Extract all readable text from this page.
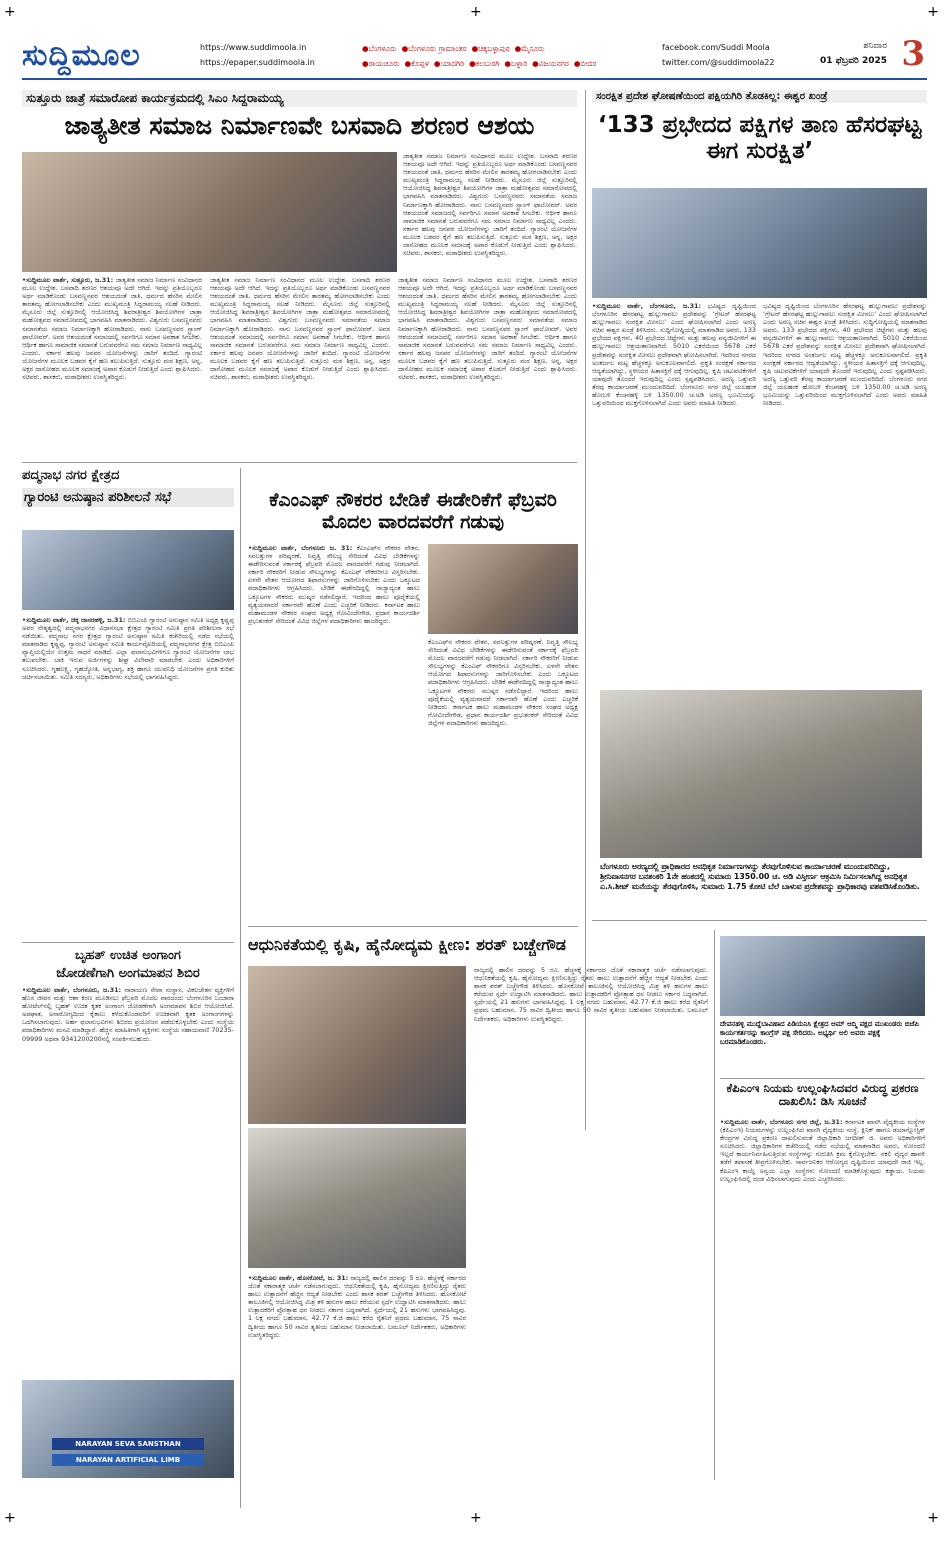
ಸುದ್ದಿಮೂಲ	https://www.suddimoola.in
https://epaper.suddimoola.in
●ಬೆಂಗಳೂರು ●ಬೆಂಗಳೂರು ಗ್ರಾಮಾಂತರ ●ಚಿಕ್ಕಬಳ್ಳಾಪುರ ●ಮೈಸೂರು
●ರಾಯಚೂರು ●ಕೊಪ್ಪಳ ●ಯಾದಗಿರಿ ●ಕಲಬುರಗಿ ●ಬಳ್ಳಾರಿ ●ವಿಜಯನಗರ ●ಬೀದರ
facebook.com/Suddi Moola
twitter.com/@suddimoola22
ಶನಿವಾರ
01 ಫೆಬ್ರವರಿ 2025 3
ಸುತ್ತೂರು ಜಾತ್ರೆ ಸಮಾರೋಪ ಕಾರ್ಯಕ್ರಮದಲ್ಲಿ ಸಿಎಂ ಸಿದ್ದರಾಮಯ್ಯ
ಜಾತ್ಯತೀತ ಸಮಾಜ ನಿರ್ಮಾಣವೇ ಬಸವಾದಿ ಶರಣರ ಆಶಯ
ಜಾತ್ಯತೀತ ಸಮಾಜ ನಿರ್ಮಾಣ ಸಂವಿಧಾನದ ಮೂಲ ಉದ್ದೇಶ. ಬಸವಾದಿ ಶರಣರ ಆಶಯವೂ ಅದೇ ಆಗಿದೆ. ಇದನ್ನು ಪ್ರತಿಯೊಬ್ಬರೂ ಅರ್ಥ ಮಾಡಿಕೊಂಡು ಬಸವಣ್ಣನವರ ಆಶಯದಂತೆ ಜಾತಿ, ಧರ್ಮದ ಹೆಸರಿನ ಮೇಲಿನ ತಾರತಮ್ಯ ಹೋಗಲಾಡಿಸಬೇಕು ಎಂದು ಮುಖ್ಯಮಂತ್ರಿ ಸಿದ್ದರಾಮಯ್ಯ ಸಲಹೆ ನೀಡಿದರು. ಮೈಸೂರು ಜಿಲ್ಲೆ ಸುತ್ತೂರಿನಲ್ಲಿ ಆಯೋಜಿಸಿದ್ದ ಶಿವರಾತ್ರೀಶ್ವರ ಶಿವಯೋಗಿಗಳ ಜಾತ್ರಾ ಮಹೋತ್ಸವದ ಸಮಾರೋಪದಲ್ಲಿ ಭಾಗವಹಿಸಿ ಮಾತನಾಡಿದರು. ವಿಶ್ವಗುರು ಬಸವಣ್ಣನವರು ಸಮಾನತೆಯ ಸಮಾಜ ನಿರ್ಮಾಣಕ್ಕಾಗಿ ಹೋರಾಡಿದರು. ನಾನು ಬಸವಣ್ಣನವರ ಸ್ಟ್ರಾಂಗ್ ಫಾಲೋವರ್. ಅವರ ಆಶಯದಂತೆ ಸಮಾಜದಲ್ಲಿ ಸರ್ವರಿಗೂ ಸಮಾನ ಅವಕಾಶ ಸಿಗಬೇಕು. ಆರ್ಥಿಕ ಹಾಗೂ ಸಾಮಾಜಿಕ ಸಮಾನತೆ ಬರುವವರೆಗೂ ಸಮ ಸಮಾಜ ನಿರ್ಮಾಣ ಸಾಧ್ಯವಿಲ್ಲ ಎಂದರು. ಸರ್ಕಾರ ಹಲವು ಜನಪರ ಯೋಜನೆಗಳನ್ನು ಜಾರಿಗೆ ತಂದಿದೆ. ಗ್ಯಾರಂಟಿ ಯೋಜನೆಗಳ ಮೂಲಕ ಬಡವರ ಕೈಗೆ ಹಣ ತಲುಪಿಸುತ್ತಿದೆ. ಸುತ್ತೂರು ಮಠ ಶಿಕ್ಷಣ, ಅನ್ನ, ಅಕ್ಷರ ದಾಸೋಹದ ಮೂಲಕ ಸಮಾಜಕ್ಕೆ ಅಪಾರ ಕೊಡುಗೆ ನೀಡುತ್ತಿದೆ ಎಂದು ಶ್ಲಾಘಿಸಿದರು. ಸಚಿವರು, ಶಾಸಕರು, ಮಠಾಧೀಶರು ಉಪಸ್ಥಿತರಿದ್ದರು.
•ಸುದ್ದಿಮೂಲ ವಾರ್ತೆ, ಸುತ್ತೂರು, ಜ.31: ಜಾತ್ಯತೀತ ಸಮಾಜ ನಿರ್ಮಾಣ ಸಂವಿಧಾನದ ಮೂಲ ಉದ್ದೇಶ. ಬಸವಾದಿ ಶರಣರ ಆಶಯವೂ ಅದೇ ಆಗಿದೆ. ಇದನ್ನು ಪ್ರತಿಯೊಬ್ಬರೂ ಅರ್ಥ ಮಾಡಿಕೊಂಡು ಬಸವಣ್ಣನವರ ಆಶಯದಂತೆ ಜಾತಿ, ಧರ್ಮದ ಹೆಸರಿನ ಮೇಲಿನ ತಾರತಮ್ಯ ಹೋಗಲಾಡಿಸಬೇಕು ಎಂದು ಮುಖ್ಯಮಂತ್ರಿ ಸಿದ್ದರಾಮಯ್ಯ ಸಲಹೆ ನೀಡಿದರು. ಮೈಸೂರು ಜಿಲ್ಲೆ ಸುತ್ತೂರಿನಲ್ಲಿ ಆಯೋಜಿಸಿದ್ದ ಶಿವರಾತ್ರೀಶ್ವರ ಶಿವಯೋಗಿಗಳ ಜಾತ್ರಾ ಮಹೋತ್ಸವದ ಸಮಾರೋಪದಲ್ಲಿ ಭಾಗವಹಿಸಿ ಮಾತನಾಡಿದರು. ವಿಶ್ವಗುರು ಬಸವಣ್ಣನವರು ಸಮಾನತೆಯ ಸಮಾಜ ನಿರ್ಮಾಣಕ್ಕಾಗಿ ಹೋರಾಡಿದರು. ನಾನು ಬಸವಣ್ಣನವರ ಸ್ಟ್ರಾಂಗ್ ಫಾಲೋವರ್. ಅವರ ಆಶಯದಂತೆ ಸಮಾಜದಲ್ಲಿ ಸರ್ವರಿಗೂ ಸಮಾನ ಅವಕಾಶ ಸಿಗಬೇಕು. ಆರ್ಥಿಕ ಹಾಗೂ ಸಾಮಾಜಿಕ ಸಮಾನತೆ ಬರುವವರೆಗೂ ಸಮ ಸಮಾಜ ನಿರ್ಮಾಣ ಸಾಧ್ಯವಿಲ್ಲ ಎಂದರು. ಸರ್ಕಾರ ಹಲವು ಜನಪರ ಯೋಜನೆಗಳನ್ನು ಜಾರಿಗೆ ತಂದಿದೆ. ಗ್ಯಾರಂಟಿ ಯೋಜನೆಗಳ ಮೂಲಕ ಬಡವರ ಕೈಗೆ ಹಣ ತಲುಪಿಸುತ್ತಿದೆ. ಸುತ್ತೂರು ಮಠ ಶಿಕ್ಷಣ, ಅನ್ನ, ಅಕ್ಷರ ದಾಸೋಹದ ಮೂಲಕ ಸಮಾಜಕ್ಕೆ ಅಪಾರ ಕೊಡುಗೆ ನೀಡುತ್ತಿದೆ ಎಂದು ಶ್ಲಾಘಿಸಿದರು. ಸಚಿವರು, ಶಾಸಕರು, ಮಠಾಧೀಶರು ಉಪಸ್ಥಿತರಿದ್ದರು.
ಜಾತ್ಯತೀತ ಸಮಾಜ ನಿರ್ಮಾಣ ಸಂವಿಧಾನದ ಮೂಲ ಉದ್ದೇಶ. ಬಸವಾದಿ ಶರಣರ ಆಶಯವೂ ಅದೇ ಆಗಿದೆ. ಇದನ್ನು ಪ್ರತಿಯೊಬ್ಬರೂ ಅರ್ಥ ಮಾಡಿಕೊಂಡು ಬಸವಣ್ಣನವರ ಆಶಯದಂತೆ ಜಾತಿ, ಧರ್ಮದ ಹೆಸರಿನ ಮೇಲಿನ ತಾರತಮ್ಯ ಹೋಗಲಾಡಿಸಬೇಕು ಎಂದು ಮುಖ್ಯಮಂತ್ರಿ ಸಿದ್ದರಾಮಯ್ಯ ಸಲಹೆ ನೀಡಿದರು. ಮೈಸೂರು ಜಿಲ್ಲೆ ಸುತ್ತೂರಿನಲ್ಲಿ ಆಯೋಜಿಸಿದ್ದ ಶಿವರಾತ್ರೀಶ್ವರ ಶಿವಯೋಗಿಗಳ ಜಾತ್ರಾ ಮಹೋತ್ಸವದ ಸಮಾರೋಪದಲ್ಲಿ ಭಾಗವಹಿಸಿ ಮಾತನಾಡಿದರು. ವಿಶ್ವಗುರು ಬಸವಣ್ಣನವರು ಸಮಾನತೆಯ ಸಮಾಜ ನಿರ್ಮಾಣಕ್ಕಾಗಿ ಹೋರಾಡಿದರು. ನಾನು ಬಸವಣ್ಣನವರ ಸ್ಟ್ರಾಂಗ್ ಫಾಲೋವರ್. ಅವರ ಆಶಯದಂತೆ ಸಮಾಜದಲ್ಲಿ ಸರ್ವರಿಗೂ ಸಮಾನ ಅವಕಾಶ ಸಿಗಬೇಕು. ಆರ್ಥಿಕ ಹಾಗೂ ಸಾಮಾಜಿಕ ಸಮಾನತೆ ಬರುವವರೆಗೂ ಸಮ ಸಮಾಜ ನಿರ್ಮಾಣ ಸಾಧ್ಯವಿಲ್ಲ ಎಂದರು. ಸರ್ಕಾರ ಹಲವು ಜನಪರ ಯೋಜನೆಗಳನ್ನು ಜಾರಿಗೆ ತಂದಿದೆ. ಗ್ಯಾರಂಟಿ ಯೋಜನೆಗಳ ಮೂಲಕ ಬಡವರ ಕೈಗೆ ಹಣ ತಲುಪಿಸುತ್ತಿದೆ. ಸುತ್ತೂರು ಮಠ ಶಿಕ್ಷಣ, ಅನ್ನ, ಅಕ್ಷರ ದಾಸೋಹದ ಮೂಲಕ ಸಮಾಜಕ್ಕೆ ಅಪಾರ ಕೊಡುಗೆ ನೀಡುತ್ತಿದೆ ಎಂದು ಶ್ಲಾಘಿಸಿದರು. ಸಚಿವರು, ಶಾಸಕರು, ಮಠಾಧೀಶರು ಉಪಸ್ಥಿತರಿದ್ದರು.
ಜಾತ್ಯತೀತ ಸಮಾಜ ನಿರ್ಮಾಣ ಸಂವಿಧಾನದ ಮೂಲ ಉದ್ದೇಶ. ಬಸವಾದಿ ಶರಣರ ಆಶಯವೂ ಅದೇ ಆಗಿದೆ. ಇದನ್ನು ಪ್ರತಿಯೊಬ್ಬರೂ ಅರ್ಥ ಮಾಡಿಕೊಂಡು ಬಸವಣ್ಣನವರ ಆಶಯದಂತೆ ಜಾತಿ, ಧರ್ಮದ ಹೆಸರಿನ ಮೇಲಿನ ತಾರತಮ್ಯ ಹೋಗಲಾಡಿಸಬೇಕು ಎಂದು ಮುಖ್ಯಮಂತ್ರಿ ಸಿದ್ದರಾಮಯ್ಯ ಸಲಹೆ ನೀಡಿದರು. ಮೈಸೂರು ಜಿಲ್ಲೆ ಸುತ್ತೂರಿನಲ್ಲಿ ಆಯೋಜಿಸಿದ್ದ ಶಿವರಾತ್ರೀಶ್ವರ ಶಿವಯೋಗಿಗಳ ಜಾತ್ರಾ ಮಹೋತ್ಸವದ ಸಮಾರೋಪದಲ್ಲಿ ಭಾಗವಹಿಸಿ ಮಾತನಾಡಿದರು. ವಿಶ್ವಗುರು ಬಸವಣ್ಣನವರು ಸಮಾನತೆಯ ಸಮಾಜ ನಿರ್ಮಾಣಕ್ಕಾಗಿ ಹೋರಾಡಿದರು. ನಾನು ಬಸವಣ್ಣನವರ ಸ್ಟ್ರಾಂಗ್ ಫಾಲೋವರ್. ಅವರ ಆಶಯದಂತೆ ಸಮಾಜದಲ್ಲಿ ಸರ್ವರಿಗೂ ಸಮಾನ ಅವಕಾಶ ಸಿಗಬೇಕು. ಆರ್ಥಿಕ ಹಾಗೂ ಸಾಮಾಜಿಕ ಸಮಾನತೆ ಬರುವವರೆಗೂ ಸಮ ಸಮಾಜ ನಿರ್ಮಾಣ ಸಾಧ್ಯವಿಲ್ಲ ಎಂದರು. ಸರ್ಕಾರ ಹಲವು ಜನಪರ ಯೋಜನೆಗಳನ್ನು ಜಾರಿಗೆ ತಂದಿದೆ. ಗ್ಯಾರಂಟಿ ಯೋಜನೆಗಳ ಮೂಲಕ ಬಡವರ ಕೈಗೆ ಹಣ ತಲುಪಿಸುತ್ತಿದೆ. ಸುತ್ತೂರು ಮಠ ಶಿಕ್ಷಣ, ಅನ್ನ, ಅಕ್ಷರ ದಾಸೋಹದ ಮೂಲಕ ಸಮಾಜಕ್ಕೆ ಅಪಾರ ಕೊಡುಗೆ ನೀಡುತ್ತಿದೆ ಎಂದು ಶ್ಲಾಘಿಸಿದರು. ಸಚಿವರು, ಶಾಸಕರು, ಮಠಾಧೀಶರು ಉಪಸ್ಥಿತರಿದ್ದರು.
ಸಂರಕ್ಷಿತ ಪ್ರದೇಶ ಘೋಷಣೆಯಿಂದ ಪಕ್ಷಿಯಗಿರಿ ತೊಡಕಿಲ್ಲ: ಈಶ್ವರ ಖಂಡ್ರೆ
‘133 ಪ್ರಭೇದದ ಪಕ್ಷಿಗಳ ತಾಣ ಹೆಸರಘಟ್ಟ ಈಗ ಸುರಕ್ಷಿತ’
•ಸುದ್ದಿಮೂಲ ವಾರ್ತೆ, ಬೆಂಗಳೂರು, ಜ.31: ಭವಿಷ್ಯದ ದೃಷ್ಟಿಯಿಂದ ಬೆಂಗಳೂರಿನ ಹೆಸರಘಟ್ಟ ಹುಲ್ಲುಗಾವಲು ಪ್ರದೇಶವನ್ನು ‘ಗ್ರೇಟರ್ ಹೆಸರಘಟ್ಟ ಹುಲ್ಲುಗಾವಲು ಸಂರಕ್ಷಿತ ಮೀಸಲು’ ಎಂದು ಘೋಷಿಸಲಾಗಿದೆ ಎಂದು ಅರಣ್ಯ ಸಚಿವ ಈಶ್ವರ ಖಂಡ್ರೆ ತಿಳಿಸಿದರು. ಸುದ್ದಿಗೋಷ್ಠಿಯಲ್ಲಿ ಮಾತನಾಡಿದ ಅವರು, 133 ಪ್ರಭೇದದ ಪಕ್ಷಿಗಳು, 40 ಪ್ರಭೇದದ ಚಿಟ್ಟೆಗಳು ಮತ್ತು ಹಲವು ವನ್ಯಜೀವಿಗಳಿಗೆ ಈ ಹುಲ್ಲುಗಾವಲು ಆಶ್ರಯತಾಣವಾಗಿದೆ. 5010 ಎಕರೆಯಿಂದ 5678 ಎಕರೆ ಪ್ರದೇಶವನ್ನು ಸಂರಕ್ಷಿತ ಮೀಸಲು ಪ್ರದೇಶವಾಗಿ ಘೋಷಿಸಲಾಗಿದೆ. ಇದರಿಂದ ನಗರದ ಅಂತರ್ಜಲ ಮಟ್ಟ ಹೆಚ್ಚಳಕ್ಕೂ ಅನುಕೂಲವಾಗಲಿದೆ. ಪ್ರಕೃತಿ ಸಂರಕ್ಷಣೆ ಸರ್ಕಾರದ ಆದ್ಯತೆಯಾಗಿದ್ದು, ಸ್ಥಳೀಯರ ಹಿತಾಸಕ್ತಿಗೆ ಧಕ್ಕೆ ಆಗುವುದಿಲ್ಲ. ಕೃಷಿ ಚಟುವಟಿಕೆಗಳಿಗೆ ಯಾವುದೇ ತೊಂದರೆ ಇರುವುದಿಲ್ಲ ಎಂದು ಸ್ಪಷ್ಟಪಡಿಸಿದರು. ಅರಣ್ಯ ಒತ್ತುವರಿ ತೆರವು ಕಾರ್ಯಾಚರಣೆ ಮುಂದುವರಿದಿದೆ. ಬೆಂಗಳೂರು ನಗರ ಜಿಲ್ಲೆ ಯಲಹಂಕ ಹೋಬಳಿ ಕೆಂಚನಹಳ್ಳಿ ಬಳಿ 1350.00 ಚ.ಅಡಿ ಅರಣ್ಯ ಭೂಮಿಯನ್ನು ಒತ್ತುವರಿಯಿಂದ ಮುಕ್ತಗೊಳಿಸಲಾಗಿದೆ ಎಂದು ಅವರು ಮಾಹಿತಿ ನೀಡಿದರು.
ಭವಿಷ್ಯದ ದೃಷ್ಟಿಯಿಂದ ಬೆಂಗಳೂರಿನ ಹೆಸರಘಟ್ಟ ಹುಲ್ಲುಗಾವಲು ಪ್ರದೇಶವನ್ನು ‘ಗ್ರೇಟರ್ ಹೆಸರಘಟ್ಟ ಹುಲ್ಲುಗಾವಲು ಸಂರಕ್ಷಿತ ಮೀಸಲು’ ಎಂದು ಘೋಷಿಸಲಾಗಿದೆ ಎಂದು ಅರಣ್ಯ ಸಚಿವ ಈಶ್ವರ ಖಂಡ್ರೆ ತಿಳಿಸಿದರು. ಸುದ್ದಿಗೋಷ್ಠಿಯಲ್ಲಿ ಮಾತನಾಡಿದ ಅವರು, 133 ಪ್ರಭೇದದ ಪಕ್ಷಿಗಳು, 40 ಪ್ರಭೇದದ ಚಿಟ್ಟೆಗಳು ಮತ್ತು ಹಲವು ವನ್ಯಜೀವಿಗಳಿಗೆ ಈ ಹುಲ್ಲುಗಾವಲು ಆಶ್ರಯತಾಣವಾಗಿದೆ. 5010 ಎಕರೆಯಿಂದ 5678 ಎಕರೆ ಪ್ರದೇಶವನ್ನು ಸಂರಕ್ಷಿತ ಮೀಸಲು ಪ್ರದೇಶವಾಗಿ ಘೋಷಿಸಲಾಗಿದೆ. ಇದರಿಂದ ನಗರದ ಅಂತರ್ಜಲ ಮಟ್ಟ ಹೆಚ್ಚಳಕ್ಕೂ ಅನುಕೂಲವಾಗಲಿದೆ. ಪ್ರಕೃತಿ ಸಂರಕ್ಷಣೆ ಸರ್ಕಾರದ ಆದ್ಯತೆಯಾಗಿದ್ದು, ಸ್ಥಳೀಯರ ಹಿತಾಸಕ್ತಿಗೆ ಧಕ್ಕೆ ಆಗುವುದಿಲ್ಲ. ಕೃಷಿ ಚಟುವಟಿಕೆಗಳಿಗೆ ಯಾವುದೇ ತೊಂದರೆ ಇರುವುದಿಲ್ಲ ಎಂದು ಸ್ಪಷ್ಟಪಡಿಸಿದರು. ಅರಣ್ಯ ಒತ್ತುವರಿ ತೆರವು ಕಾರ್ಯಾಚರಣೆ ಮುಂದುವರಿದಿದೆ. ಬೆಂಗಳೂರು ನಗರ ಜಿಲ್ಲೆ ಯಲಹಂಕ ಹೋಬಳಿ ಕೆಂಚನಹಳ್ಳಿ ಬಳಿ 1350.00 ಚ.ಅಡಿ ಅರಣ್ಯ ಭೂಮಿಯನ್ನು ಒತ್ತುವರಿಯಿಂದ ಮುಕ್ತಗೊಳಿಸಲಾಗಿದೆ ಎಂದು ಅವರು ಮಾಹಿತಿ ನೀಡಿದರು.
ಬೆಂಗಳೂರು ಅರಣ್ಯದಲ್ಲಿ ಪ್ರಾಧಿಕಾರದ ಅನಧಿಕೃತ ನಿರ್ಮಾಣಗಳನ್ನು ತೆರವುಗೊಳಿಸುವ ಕಾರ್ಯಾಚರಣೆ ಮುಂದುವರಿದಿದ್ದು, ಶ್ರೀನಿವಾಸನಗರ ಬನಶಂಕರಿ 1ನೇ ಹಂತದಲ್ಲಿ ಸುಮಾರು 1350.00 ಚ. ಅಡಿ ವಿಸ್ತೀರ್ಣ ಆಕ್ರಮಿಸಿ ನಿರ್ಮಿಸಲಾಗಿದ್ದ ಅನಧಿಕೃತ ಎ.ಸಿ.ಶೀಟ್ ಮನೆಯನ್ನು ತೆರವುಗೊಳಿಸಿ, ಸುಮಾರು 1.75 ಕೋಟಿ ಬೆಲೆ ಬಾಳುವ ಪ್ರದೇಶವನ್ನು ಪ್ರಾಧಿಕಾರವು ವಶಪಡಿಸಿಕೊಂಡಿತು.
ಪದ್ಮನಾಭ ನಗರ ಕ್ಷೇತ್ರದ
ಗ್ಯಾರಂಟಿ ಅನುಷ್ಠಾನ ಪರಿಶೀಲನೆ ಸಭೆ
•ಸುದ್ದಿಮೂಲ ವಾರ್ತೆ, ಚಿಕ್ಕ ದಾಸರಹಳ್ಳಿ, ಜ.31: ಬಿಬಿಎಂಪಿ ಗ್ಯಾರಂಟಿ ಅನುಷ್ಠಾನ ಸಮಿತಿ ಅಧ್ಯಕ್ಷ ಕೃಷ್ಣಪ್ಪ ಅವರ ನೇತೃತ್ವದಲ್ಲಿ ಪದ್ಮನಾಭನಗರ ವಿಧಾನಸಭಾ ಕ್ಷೇತ್ರದ ಗ್ಯಾರಂಟಿ ಸಮಿತಿ ಪ್ರಗತಿ ಪರಿಶೀಲನಾ ಸಭೆ ನಡೆಯಿತು. ಪದ್ಮನಾಭ ನಗರ ಕ್ಷೇತ್ರದ ಗ್ಯಾರಂಟಿ ಅನುಷ್ಠಾನ ಸಮಿತಿ ಕಚೇರಿಯಲ್ಲಿ ನಡೆದ ಸಭೆಯಲ್ಲಿ ಮಾತನಾಡಿದ ಕೃಷ್ಣಪ್ಪ, ಗ್ಯಾರಂಟಿ ಅನುಷ್ಠಾನ ಸಮಿತಿ ಕಾರ್ಯವೈಖರಿಯಲ್ಲಿ ಪದ್ಮನಾಭನಗರ ಕ್ಷೇತ್ರ ಬಿಬಿಎಂಪಿ ವ್ಯಾಪ್ತಿಯಲ್ಲಿಯೇ ಉತ್ತಮ ಸಾಧನೆ ಮಾಡಿದೆ. ಎಲ್ಲಾ ಫಲಾನುಭವಿಗಳಿಗೂ ಗ್ಯಾರಂಟಿ ಯೋಜನೆಗಳ ಲಾಭ ತಲುಪಬೇಕು. ಬಾಕಿ ಇರುವ ಅರ್ಜಿಗಳನ್ನು ಶೀಘ್ರ ವಿಲೇವಾರಿ ಮಾಡಬೇಕು ಎಂದು ಅಧಿಕಾರಿಗಳಿಗೆ ಸೂಚಿಸಿದರು. ಗೃಹಲಕ್ಷ್ಮಿ, ಗೃಹಜ್ಯೋತಿ, ಅನ್ನಭಾಗ್ಯ, ಶಕ್ತಿ ಹಾಗೂ ಯುವನಿಧಿ ಯೋಜನೆಗಳ ಪ್ರಗತಿ ಕುರಿತು ಚರ್ಚಿಸಲಾಯಿತು. ಸಮಿತಿ ಸದಸ್ಯರು, ಅಧಿಕಾರಿಗಳು ಸಭೆಯಲ್ಲಿ ಭಾಗವಹಿಸಿದ್ದರು.
ಕೆಎಂಎಫ್ ನೌಕರರ ಬೇಡಿಕೆ ಈಡೇರಿಕೆಗೆ ಫೆಬ್ರವರಿ ಮೊದಲ ವಾರದವರೆಗೆ ಗಡುವು
•ಸುದ್ದಿಮೂಲ ವಾರ್ತೆ, ಬೆಂಗಳೂರು ಜ. 31: ಕೆಎಂಎಫ್‌ನ ನೌಕರರ ವೇತನ, ಸವಲತ್ತುಗಳ ಪರಿಷ್ಕರಣೆ, ನಿವೃತ್ತಿ ಸೌಲಭ್ಯ ಸೇರಿದಂತೆ ವಿವಿಧ ಬೇಡಿಕೆಗಳನ್ನು ಈಡೇರಿಸುವಂತೆ ಸರ್ಕಾರಕ್ಕೆ ಫೆಬ್ರವರಿ ಮೊದಲ ವಾರದವರೆಗೆ ಗಡುವು ನೀಡಲಾಗಿದೆ. ಸರ್ಕಾರಿ ನೌಕರರಿಗೆ ನೀಡುವ ಸೌಲಭ್ಯಗಳನ್ನು ಕೆಎಂಎಫ್ ನೌಕರರಿಗೂ ವಿಸ್ತರಿಸಬೇಕು. ಏಳನೇ ವೇತನ ಆಯೋಗದ ಶಿಫಾರಸುಗಳನ್ನು ಜಾರಿಗೊಳಿಸಬೇಕು ಎಂದು ಒಕ್ಕೂಟದ ಪದಾಧಿಕಾರಿಗಳು ಆಗ್ರಹಿಸಿದರು. ಬೇಡಿಕೆ ಈಡೇರದಿದ್ದಲ್ಲಿ ರಾಜ್ಯಾದ್ಯಂತ ಹಾಲು ಒಕ್ಕೂಟಗಳ ನೌಕರರು ಮುಷ್ಕರ ನಡೆಸಲಿದ್ದಾರೆ. ಇದರಿಂದ ಹಾಲು ಪೂರೈಕೆಯಲ್ಲಿ ವ್ಯತ್ಯಯವಾದರೆ ಸರ್ಕಾರವೇ ಹೊಣೆ ಎಂದು ಎಚ್ಚರಿಕೆ ನೀಡಿದರು. ಕರ್ನಾಟಕ ಹಾಲು ಮಹಾಮಂಡಳ ನೌಕರರ ಸಂಘದ ಅಧ್ಯಕ್ಷ ಗೋವಿಂದೇಗೌಡ, ಪ್ರಧಾನ ಕಾರ್ಯದರ್ಶಿ ಪ್ರಭುಶಂಕರ್ ಸೇರಿದಂತೆ ವಿವಿಧ ಜಿಲ್ಲೆಗಳ ಪದಾಧಿಕಾರಿಗಳು ಹಾಜರಿದ್ದರು.
ಕೆಎಂಎಫ್‌ನ ನೌಕರರ ವೇತನ, ಸವಲತ್ತುಗಳ ಪರಿಷ್ಕರಣೆ, ನಿವೃತ್ತಿ ಸೌಲಭ್ಯ ಸೇರಿದಂತೆ ವಿವಿಧ ಬೇಡಿಕೆಗಳನ್ನು ಈಡೇರಿಸುವಂತೆ ಸರ್ಕಾರಕ್ಕೆ ಫೆಬ್ರವರಿ ಮೊದಲ ವಾರದವರೆಗೆ ಗಡುವು ನೀಡಲಾಗಿದೆ. ಸರ್ಕಾರಿ ನೌಕರರಿಗೆ ನೀಡುವ ಸೌಲಭ್ಯಗಳನ್ನು ಕೆಎಂಎಫ್ ನೌಕರರಿಗೂ ವಿಸ್ತರಿಸಬೇಕು. ಏಳನೇ ವೇತನ ಆಯೋಗದ ಶಿಫಾರಸುಗಳನ್ನು ಜಾರಿಗೊಳಿಸಬೇಕು ಎಂದು ಒಕ್ಕೂಟದ ಪದಾಧಿಕಾರಿಗಳು ಆಗ್ರಹಿಸಿದರು. ಬೇಡಿಕೆ ಈಡೇರದಿದ್ದಲ್ಲಿ ರಾಜ್ಯಾದ್ಯಂತ ಹಾಲು ಒಕ್ಕೂಟಗಳ ನೌಕರರು ಮುಷ್ಕರ ನಡೆಸಲಿದ್ದಾರೆ. ಇದರಿಂದ ಹಾಲು ಪೂರೈಕೆಯಲ್ಲಿ ವ್ಯತ್ಯಯವಾದರೆ ಸರ್ಕಾರವೇ ಹೊಣೆ ಎಂದು ಎಚ್ಚರಿಕೆ ನೀಡಿದರು. ಕರ್ನಾಟಕ ಹಾಲು ಮಹಾಮಂಡಳ ನೌಕರರ ಸಂಘದ ಅಧ್ಯಕ್ಷ ಗೋವಿಂದೇಗೌಡ, ಪ್ರಧಾನ ಕಾರ್ಯದರ್ಶಿ ಪ್ರಭುಶಂಕರ್ ಸೇರಿದಂತೆ ವಿವಿಧ ಜಿಲ್ಲೆಗಳ ಪದಾಧಿಕಾರಿಗಳು ಹಾಜರಿದ್ದರು.
ಬೃಹತ್ ಉಚಿತ ಅಂಗಾಂಗ
ಜೋಡಣೆಗಾಗಿ ಅಂಗಮಾಪನ ಶಿಬಿರ
•ಸುದ್ದಿಮೂಲ ವಾರ್ತೆ, ಬೆಂಗಳೂರು, ಜ.31: ನಾರಾಯಣ ಸೇವಾ ಸಂಸ್ಥಾನ, ವಿಕಲಚೇತನ ವ್ಯಕ್ತಿಗಳಿಗೆ ಹೊಸ ಜೀವನ ಮತ್ತು ಆಶಾ ಕಿರಣ ಮೂಡಿಸಲು ಫೆಬ್ರವರಿ ಮೊದಲ ವಾರದಂದು ಬೆಂಗಳೂರಿನ ಬಂಜಾರಾ ಹೋಟೆಲ್‌ನಲ್ಲಿ ಬೃಹತ್ ಉಚಿತ ಕೃತಕ ಅಂಗಾಂಗ ಜೋಡಣೆಗಾಗಿ ಅಂಗಮಾಪನ ಶಿಬಿರ ಆಯೋಜಿಸಿದೆ. ಅಪಘಾತ, ಅನಾರೋಗ್ಯದಿಂದ ಕೈಕಾಲು ಕಳೆದುಕೊಂಡವರಿಗೆ ಉಚಿತವಾಗಿ ಕೃತಕ ಅಂಗಾಂಗಗಳನ್ನು ಒದಗಿಸಲಾಗುವುದು. ಅರ್ಹ ಫಲಾನುಭವಿಗಳು ಶಿಬಿರದ ಪ್ರಯೋಜನ ಪಡೆದುಕೊಳ್ಳಬೇಕು ಎಂದು ಸಂಸ್ಥೆಯ ಪದಾಧಿಕಾರಿಗಳು ಮನವಿ ಮಾಡಿದ್ದಾರೆ. ಹೆಚ್ಚಿನ ಮಾಹಿತಿಗಾಗಿ ವ್ಯಕ್ತಿಗಳು ಸಂಸ್ಥೆಯ ಸಹಾಯವಾಣಿ 70235-09999 ಅಥವಾ 9341200200ನಲ್ಲಿ ಸಂಪರ್ಕಿಸಬಹುದು.
NARAYAN SEVA SANSTHAN
NARAYAN ARTIFICIAL LIMB
ಆಧುನಿಕತೆಯಲ್ಲಿ ಕೃಷಿ, ಹೈನೋದ್ಯಮ ಕ್ಷೀಣ: ಶರತ್ ಬಚ್ಚೇಗೌಡ
ರಾಜ್ಯದಲ್ಲಿ ಹಾಲಿನ ದರವನ್ನು 5 ರೂ. ಹೆಚ್ಚಳಕ್ಕೆ ಸರ್ಕಾರದ ಜೊತೆ ಸಕಾರಾತ್ಮಕ ಚರ್ಚೆ ನಡೆಸಲಾಗುವುದು. ಆಧುನಿಕತೆಯಲ್ಲಿ ಕೃಷಿ, ಹೈನೋದ್ಯಮ ಕ್ಷೀಣಿಸುತ್ತಿದ್ದು ರೈತರು ಹಾಲು ಉತ್ಪಾದನೆಗೆ ಹೆಚ್ಚಿನ ಆದ್ಯತೆ ನೀಡಬೇಕು ಎಂದು ಶಾಸಕ ಶರತ್ ಬಚ್ಚೇಗೌಡ ತಿಳಿಸಿದರು. ಹೊಸಕೋಟೆ ತಾಲೂಕಿನಲ್ಲಿ ಆಯೋಜಿಸಿದ್ದ ಮಿಶ್ರ ತಳಿ ಹಸುಗಳ ಹಾಲು ಕರೆಯುವ ಸ್ಪರ್ಧೆ ಉದ್ಘಾಟಿಸಿ ಮಾತನಾಡಿದರು. ಹಾಲು ಉತ್ಪಾದಕರಿಗೆ ಪ್ರೋತ್ಸಾಹ ಧನ ನೀಡಲು ಸರ್ಕಾರ ಬದ್ಧವಾಗಿದೆ. ಸ್ಪರ್ಧೆಯಲ್ಲಿ 21 ಹಸುಗಳು ಭಾಗವಹಿಸಿದ್ದವು. 1 ಲಕ್ಷ ನಗದು ಬಹುಮಾನ, 42.77 ಕೆ.ಜಿ ಹಾಲು ಕರೆದ ರೈತನಿಗೆ ಪ್ರಥಮ ಬಹುಮಾನ, 75 ಸಾವಿರ ದ್ವಿತೀಯ ಹಾಗೂ 50 ಸಾವಿರ ತೃತೀಯ ಬಹುಮಾನ ನೀಡಲಾಯಿತು. ಬಮೂಲ್ ನಿರ್ದೇಶಕರು, ಅಧಿಕಾರಿಗಳು ಉಪಸ್ಥಿತರಿದ್ದರು.
•ಸುದ್ದಿಮೂಲ ವಾರ್ತೆ, ಹೊಸಕೋಟೆ, ಜ. 31: ರಾಜ್ಯದಲ್ಲಿ ಹಾಲಿನ ದರವನ್ನು 5 ರೂ. ಹೆಚ್ಚಳಕ್ಕೆ ಸರ್ಕಾರದ ಜೊತೆ ಸಕಾರಾತ್ಮಕ ಚರ್ಚೆ ನಡೆಸಲಾಗುವುದು. ಆಧುನಿಕತೆಯಲ್ಲಿ ಕೃಷಿ, ಹೈನೋದ್ಯಮ ಕ್ಷೀಣಿಸುತ್ತಿದ್ದು ರೈತರು ಹಾಲು ಉತ್ಪಾದನೆಗೆ ಹೆಚ್ಚಿನ ಆದ್ಯತೆ ನೀಡಬೇಕು ಎಂದು ಶಾಸಕ ಶರತ್ ಬಚ್ಚೇಗೌಡ ತಿಳಿಸಿದರು. ಹೊಸಕೋಟೆ ತಾಲೂಕಿನಲ್ಲಿ ಆಯೋಜಿಸಿದ್ದ ಮಿಶ್ರ ತಳಿ ಹಸುಗಳ ಹಾಲು ಕರೆಯುವ ಸ್ಪರ್ಧೆ ಉದ್ಘಾಟಿಸಿ ಮಾತನಾಡಿದರು. ಹಾಲು ಉತ್ಪಾದಕರಿಗೆ ಪ್ರೋತ್ಸಾಹ ಧನ ನೀಡಲು ಸರ್ಕಾರ ಬದ್ಧವಾಗಿದೆ. ಸ್ಪರ್ಧೆಯಲ್ಲಿ 21 ಹಸುಗಳು ಭಾಗವಹಿಸಿದ್ದವು. 1 ಲಕ್ಷ ನಗದು ಬಹುಮಾನ, 42.77 ಕೆ.ಜಿ ಹಾಲು ಕರೆದ ರೈತನಿಗೆ ಪ್ರಥಮ ಬಹುಮಾನ, 75 ಸಾವಿರ ದ್ವಿತೀಯ ಹಾಗೂ 50 ಸಾವಿರ ತೃತೀಯ ಬಹುಮಾನ ನೀಡಲಾಯಿತು. ಬಮೂಲ್ ನಿರ್ದೇಶಕರು, ಅಧಿಕಾರಿಗಳು ಉಪಸ್ಥಿತರಿದ್ದರು.
ದೇವನಹಳ್ಳಿ ಮುದ್ದೆಬಾವಿಹಾದ ಪಿಡಿಯನಿಸಿ ಕ್ಷೇತ್ರದ ಆಮ್ ಆದ್ಮಿ ಪಕ್ಷದ ಮುಖಂಡರು ಬಿಜೆಪಿ ಕಾರ್ಯಕರ್ತರನ್ನು ಕಾಂಗ್ರೆಸ್ ಪಕ್ಷ ಸೇರಿದರು. ಅಭ್ಯರ್ಥಿ ಅಲಿ ಅವರು ಪಕ್ಷಕ್ಕೆ ಬರಮಾಡಿಕೊಂಡರು.
ಕೆಪಿಎಂಇ ನಿಯಮ ಉಲ್ಲಂಘಿಸಿದವರ ವಿರುದ್ಧ ಪ್ರಕರಣ ದಾಖಲಿಸಿ: ಡಿಸಿ ಸೂಚನೆ
•ಸುದ್ದಿಮೂಲ ವಾರ್ತೆ, ಬೆಂಗಳೂರು ನಗರ ಜಿಲ್ಲೆ, ಜ.31: ಕರ್ನಾಟಕ ಖಾಸಗಿ ವೈದ್ಯಕೀಯ ಸಂಸ್ಥೆಗಳ (ಕೆಪಿಎಂಇ) ನಿಯಮಗಳನ್ನು ಉಲ್ಲಂಘಿಸಿದ ಖಾಸಗಿ ವೈದ್ಯಕೀಯ ಸಂಸ್ಥೆ, ಕ್ಲಿನಿಕ್ ಹಾಗೂ ಡಯಾಗ್ನೋಸ್ಟಿಕ್ ಕೇಂದ್ರಗಳ ವಿರುದ್ಧ ಪ್ರಕರಣ ದಾಖಲಿಸುವಂತೆ ಜಿಲ್ಲಾಧಿಕಾರಿ ಜಗದೀಶ್ ಜಿ. ಅವರು ಅಧಿಕಾರಿಗಳಿಗೆ ಸೂಚಿಸಿದರು. ಜಿಲ್ಲಾಧಿಕಾರಿಗಳ ಕಚೇರಿಯಲ್ಲಿ ನಡೆದ ಸಭೆಯಲ್ಲಿ ಮಾತನಾಡಿದ ಅವರು, ನೋಂದಣಿ ಇಲ್ಲದೆ ಕಾರ್ಯನಿರ್ವಹಿಸುತ್ತಿರುವ ಸಂಸ್ಥೆಗಳನ್ನು ಗುರುತಿಸಿ ಕ್ರಮ ಕೈಗೊಳ್ಳಬೇಕು. ನಕಲಿ ವೈದ್ಯರ ಹಾವಳಿ ತಡೆಗೆ ತಪಾಸಣೆ ತೀವ್ರಗೊಳಿಸಬೇಕು. ಸಾರ್ವಜನಿಕರ ಆರೋಗ್ಯದ ದೃಷ್ಟಿಯಿಂದ ಯಾವುದೇ ರಾಜಿ ಇಲ್ಲ. ಕೆಪಿಎಂಇ ಕಾಯ್ದೆ ಅನ್ವಯ ಎಲ್ಲಾ ಸಂಸ್ಥೆಗಳು ನೋಂದಣಿ ಮಾಡಿಕೊಳ್ಳುವುದು ಕಡ್ಡಾಯ. ನಿಯಮ ಉಲ್ಲಂಘಿಸಿದಲ್ಲಿ ದಂಡ ವಿಧಿಸಲಾಗುವುದು ಎಂದು ಎಚ್ಚರಿಸಿದರು.
+	+	+
+	+	+
